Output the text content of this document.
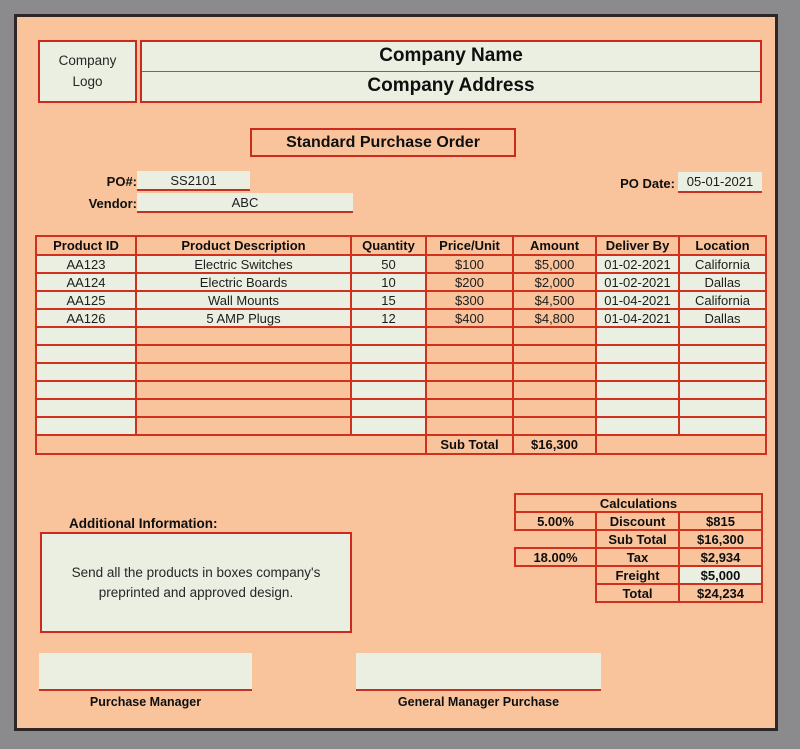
Company
Logo
Company Name
Company Address
Standard Purchase Order
PO#:	SS2101
Vendor:	ABC
PO Date: 05-01-2021
Product ID	Product Description	Quantity	Price/Unit	Amount	Deliver By	Location
AA123	Electric Switches	50	$100	$5,000	01-02-2021	California
AA124	Electric Boards	10	$200	$2,000	01-02-2021	Dallas
AA125	Wall Mounts	15	$300	$4,500	01-04-2021	California
AA126	5 AMP Plugs	12	$400	$4,800	01-04-2021	Dallas

			Sub Total	$16,300		
Calculations		
5.00%	Discount	$815
	Sub Total	$16,300
18.00%	Tax	$2,934
	Freight	$5,000
	Total	$24,234
Additional Information:
Send all the products in boxes company's
preprinted and approved design.
Purchase Manager	General Manager Purchase
